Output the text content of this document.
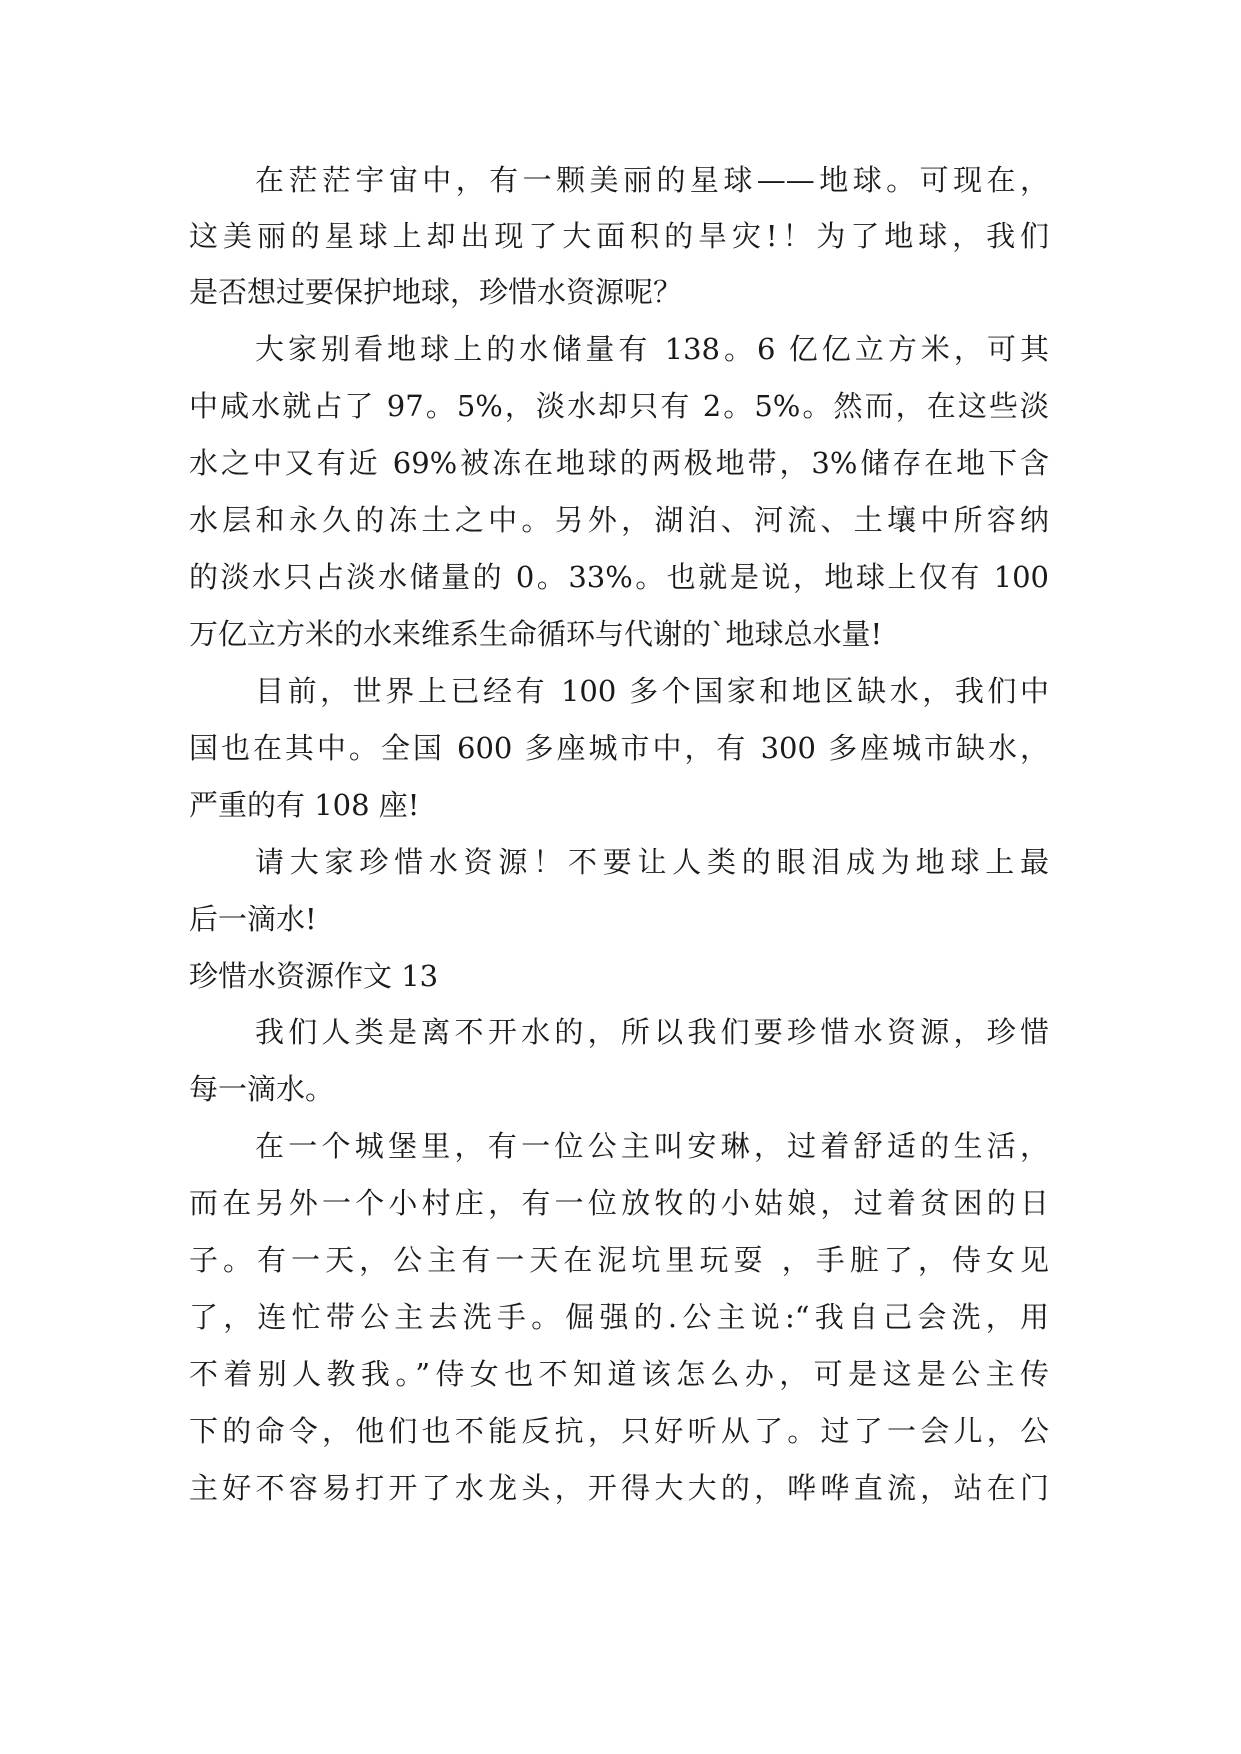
在茫茫宇宙中，有一颗美丽的星球——地球。可现在，
这美丽的星球上却出现了大面积的旱灾!！为了地球，我们
是否想过要保护地球，珍惜水资源呢？
大家别看地球上的水储量有 138。6 亿亿立方米，可其
中咸水就占了 97。5%，淡水却只有 2。5%。然而，在这些淡
水之中又有近 69%被冻在地球的两极地带，3%储存在地下含
水层和永久的冻土之中。另外，湖泊、河流、土壤中所容纳
的淡水只占淡水储量的 0。33%。也就是说，地球上仅有 100
万亿立方米的水来维系生命循环与代谢的`地球总水量!
目前，世界上已经有 100 多个国家和地区缺水，我们中
国也在其中。全国 600 多座城市中，有 300 多座城市缺水，
严重的有 108 座!
请大家珍惜水资源！不要让人类的眼泪成为地球上最
后一滴水!
珍惜水资源作文 13
我们人类是离不开水的，所以我们要珍惜水资源，珍惜
每一滴水。
在一个城堡里，有一位公主叫安琳，过着舒适的生活，
而在另外一个小村庄，有一位放牧的小姑娘，过着贫困的日
子。有一天，公主有一天在泥坑里玩耍 ，手脏了，侍女见
了，连忙带公主去洗手。倔强的.公主说:“我自己会洗，用
不着别人教我。”侍女也不知道该怎么办，可是这是公主传
下的命令，他们也不能反抗，只好听从了。过了一会儿，公
主好不容易打开了水龙头，开得大大的，哗哗直流，站在门
